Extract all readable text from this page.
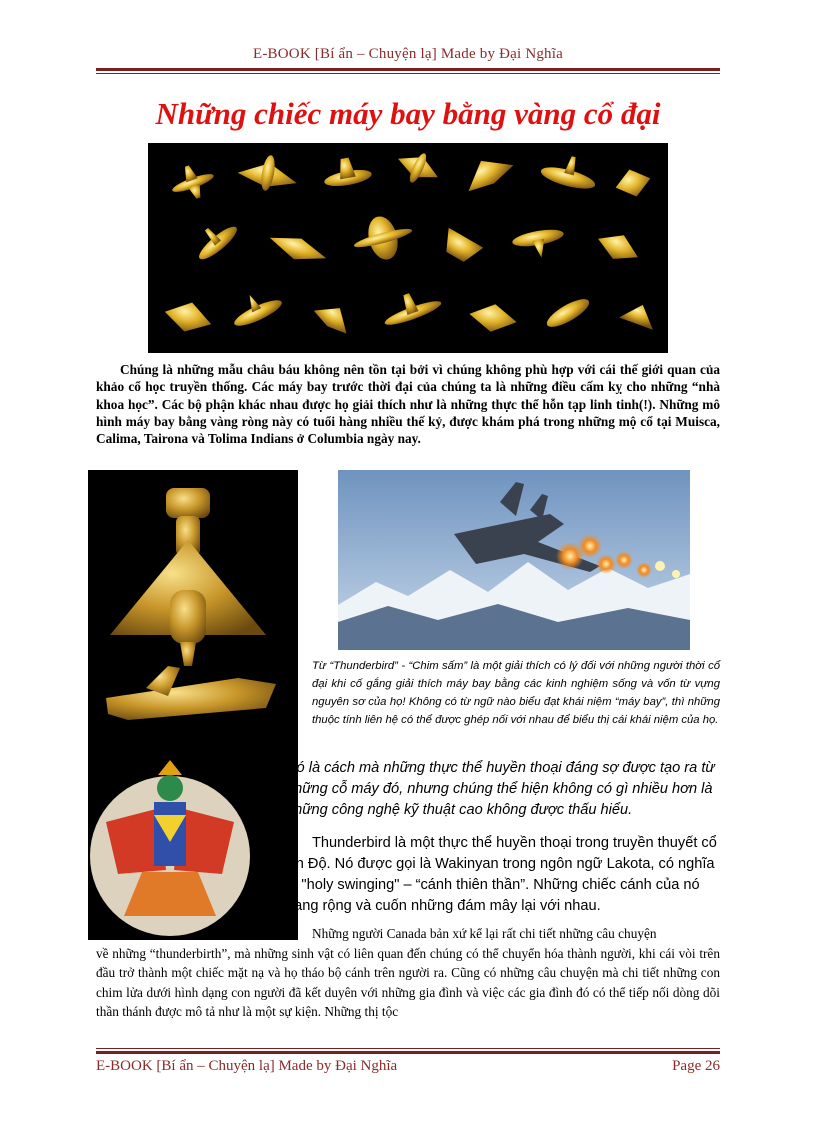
E-BOOK [Bí ẩn – Chuyện lạ] Made by Đại Nghĩa
Những chiếc máy bay bằng vàng cổ đại

Chúng là những mẫu châu báu không nên tồn tại bởi vì chúng không phù hợp với cái thế giới quan của khảo cổ học truyền thống. Các máy bay trước thời đại của chúng ta là những điều cấm kỵ cho những “nhà khoa học”. Các bộ phận khác nhau được họ giải thích như là những thực thể hỗn tạp linh tinh(!). Những mô hình máy bay bằng vàng ròng này có tuổi hàng nhiều thế kỷ, được khám phá trong những mộ cổ tại Muisca, Calima, Tairona và Tolima Indians ở Columbia ngày nay.

Từ “Thunderbird” - “Chim sấm” là một giải thích có lý đối với những người thời cổ đại khi cố gắng giải thích máy bay bằng các kinh nghiệm sống và vốn từ vựng nguyên sơ của họ! Không có từ ngữ nào biểu đạt khái niệm “máy bay”, thì những thuộc tính liên hệ có thể được ghép nối với nhau để biểu thị cái khái niệm của họ.

Đó là cách mà những thực thể huyền thoại đáng sợ được tạo ra từ những cỗ máy đó, nhưng chúng thể hiện không có gì nhiều hơn là những công nghệ kỹ thuật cao không được thấu hiểu.

Thunderbird là một thực thể huyền thoại trong truyền thuyết cổ Ấn Độ. Nó được gọi là Wakinyan trong ngôn ngữ Lakota, có nghĩa là "holy swinging" – “cánh thiên thần”. Những chiếc cánh của nó dang rộng và cuốn những đám mây lại với nhau.

Những người Canada bản xứ kể lại rất chi tiết những câu chuyện

về những “thunderbirth”, mà những sinh vật có liên quan đến chúng có thể chuyển hóa thành người, khi cái vòi trên đầu trở thành một chiếc mặt nạ và họ tháo bộ cánh trên người ra. Cũng có những câu chuyện mà chi tiết những con chim lửa dưới hình dạng con người đã kết duyên với những gia đình và việc các gia đình đó có thể tiếp nối dòng dõi thần thánh được mô tả như là một sự kiện. Những thị tộc

E-BOOK [Bí ẩn – Chuyện lạ] Made by Đại Nghĩa	Page 26
